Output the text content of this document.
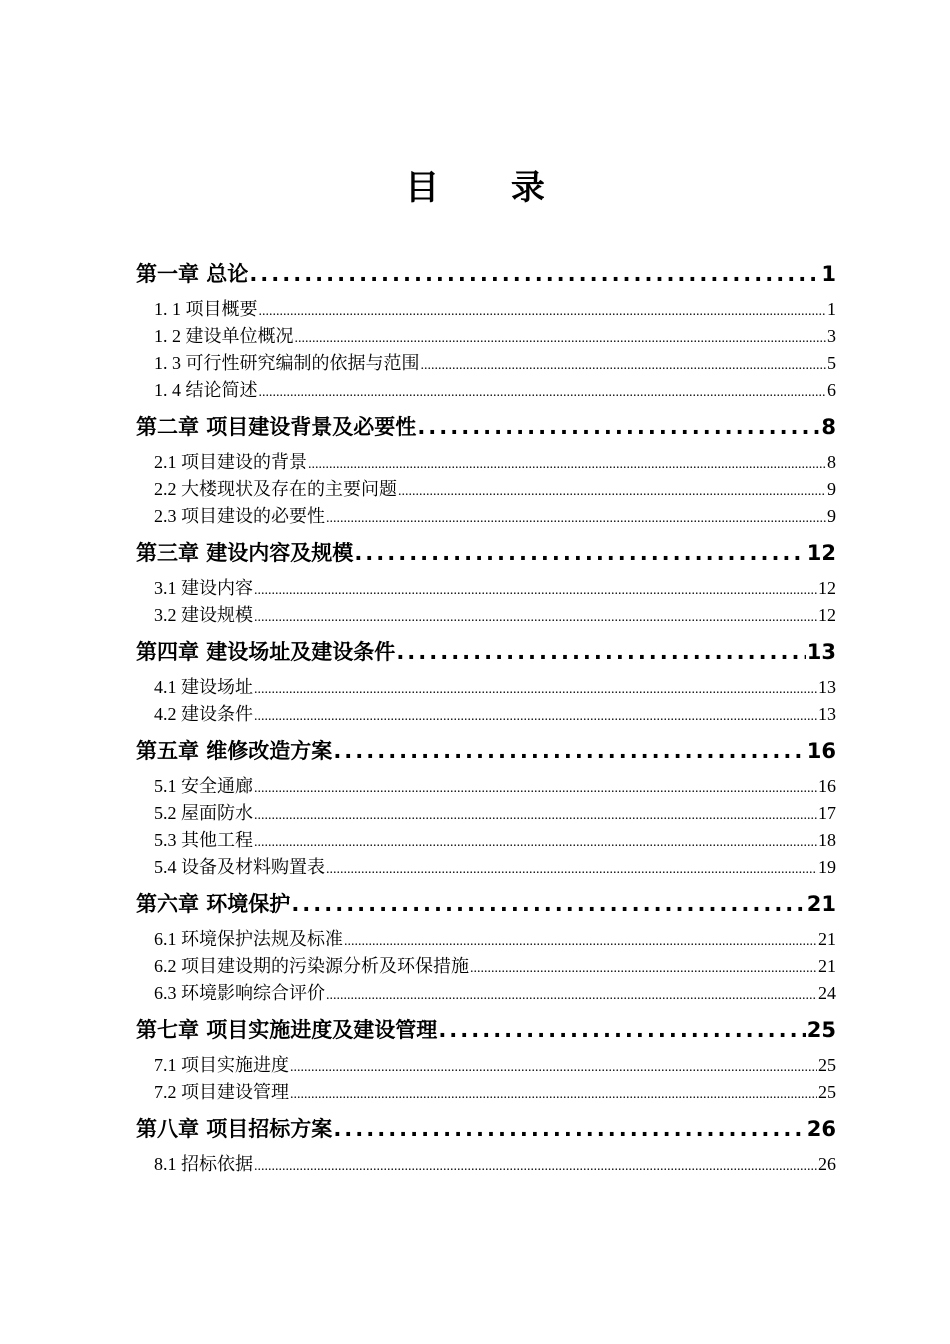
目 录
第一章 总论 .....	1
1. 1 项目概要 .....	1
1. 2 建设单位概况 .....	3
1. 3 可行性研究编制的依据与范围 .....	5
1. 4 结论简述 .....	6
第二章 项目建设背景及必要性 .....	8
2.1 项目建设的背景 .....	8
2.2 大楼现状及存在的主要问题 .....	9
2.3 项目建设的必要性 .....	9
第三章 建设内容及规模 .....	12
3.1 建设内容 .....	12
3.2 建设规模 .....	12
第四章 建设场址及建设条件 .....	13
4.1 建设场址 .....	13
4.2 建设条件 .....	13
第五章 维修改造方案 .....	16
5.1 安全通廊 .....	16
5.2 屋面防水 .....	17
5.3 其他工程 .....	18
5.4 设备及材料购置表 .....	19
第六章 环境保护 .....	21
6.1 环境保护法规及标准 .....	21
6.2 项目建设期的污染源分析及环保措施 .....	21
6.3 环境影响综合评价 .....	24
第七章 项目实施进度及建设管理 .....	25
7.1 项目实施进度 .....	25
7.2 项目建设管理 .....	25
第八章 项目招标方案 .....	26
8.1 招标依据 .....	26
